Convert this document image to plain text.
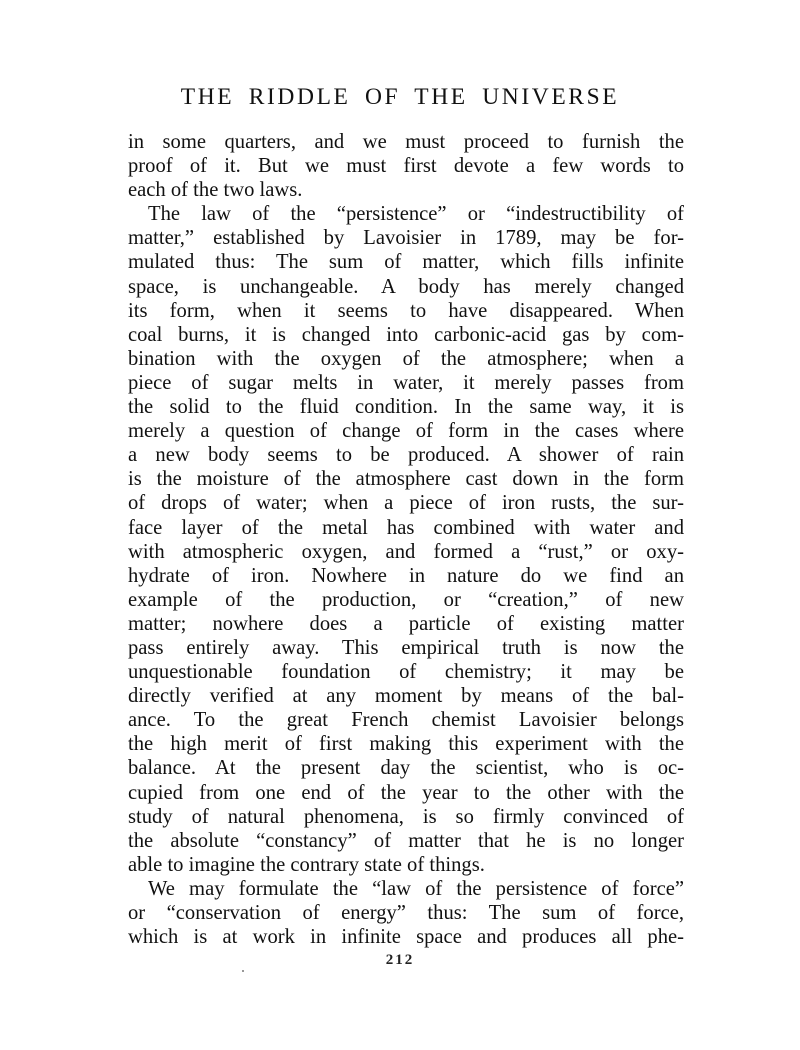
THE RIDDLE OF THE UNIVERSE
in some quarters, and we must proceed to furnish the
proof of it. But we must first devote a few words to
each of the two laws.
The law of the “persistence” or “indestructibility of
matter,” established by Lavoisier in 1789, may be for-
mulated thus: The sum of matter, which fills infinite
space, is unchangeable. A body has merely changed
its form, when it seems to have disappeared. When
coal burns, it is changed into carbonic-acid gas by com-
bination with the oxygen of the atmosphere; when a
piece of sugar melts in water, it merely passes from
the solid to the fluid condition. In the same way, it is
merely a question of change of form in the cases where
a new body seems to be produced. A shower of rain
is the moisture of the atmosphere cast down in the form
of drops of water; when a piece of iron rusts, the sur-
face layer of the metal has combined with water and
with atmospheric oxygen, and formed a “rust,” or oxy-
hydrate of iron. Nowhere in nature do we find an
example of the production, or “creation,” of new
matter; nowhere does a particle of existing matter
pass entirely away. This empirical truth is now the
unquestionable foundation of chemistry; it may be
directly verified at any moment by means of the bal-
ance. To the great French chemist Lavoisier belongs
the high merit of first making this experiment with the
balance. At the present day the scientist, who is oc-
cupied from one end of the year to the other with the
study of natural phenomena, is so firmly convinced of
the absolute “constancy” of matter that he is no longer
able to imagine the contrary state of things.
We may formulate the “law of the persistence of force”
or “conservation of energy” thus: The sum of force,
which is at work in infinite space and produces all phe-
212
